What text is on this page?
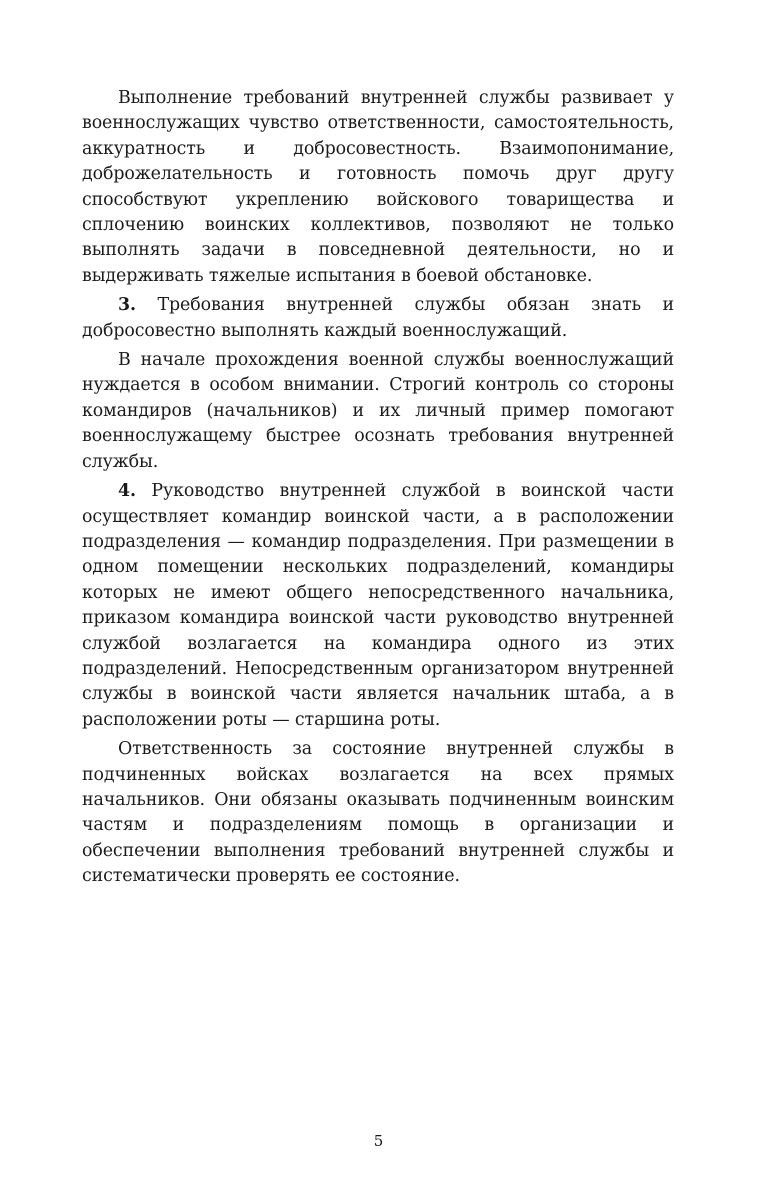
Выполнение требований внутренней службы развивает у военнослужащих чувство ответственности, самостоятельность, аккуратность и добросовестность. Взаимопонимание, доброжелательность и готовность помочь друг другу способствуют укреплению войскового товарищества и сплочению воинских коллективов, позволяют не только выполнять задачи в повседневной деятельности, но и выдерживать тяжелые испытания в боевой обстановке.

3. Требования внутренней службы обязан знать и добросовестно выполнять каждый военнослужащий.

В начале прохождения военной службы военнослужащий нуждается в особом внимании. Строгий контроль со стороны командиров (начальников) и их личный пример помогают военнослужащему быстрее осознать требования внутренней службы.

4. Руководство внутренней службой в воинской части осуществляет командир воинской части, а в расположении подразделения — командир подразделения. При размещении в одном помещении нескольких подразделений, командиры которых не имеют общего непосредственного начальника, приказом командира воинской части руководство внутренней службой возлагается на командира одного из этих подразделений. Непосредственным организатором внутренней службы в воинской части является начальник штаба, а в расположении роты — старшина роты.

Ответственность за состояние внутренней службы в подчиненных войсках возлагается на всех прямых начальников. Они обязаны оказывать подчиненным воинским частям и подразделениям помощь в организации и обеспечении выполнения требований внутренней службы и систематически проверять ее состояние.

5
